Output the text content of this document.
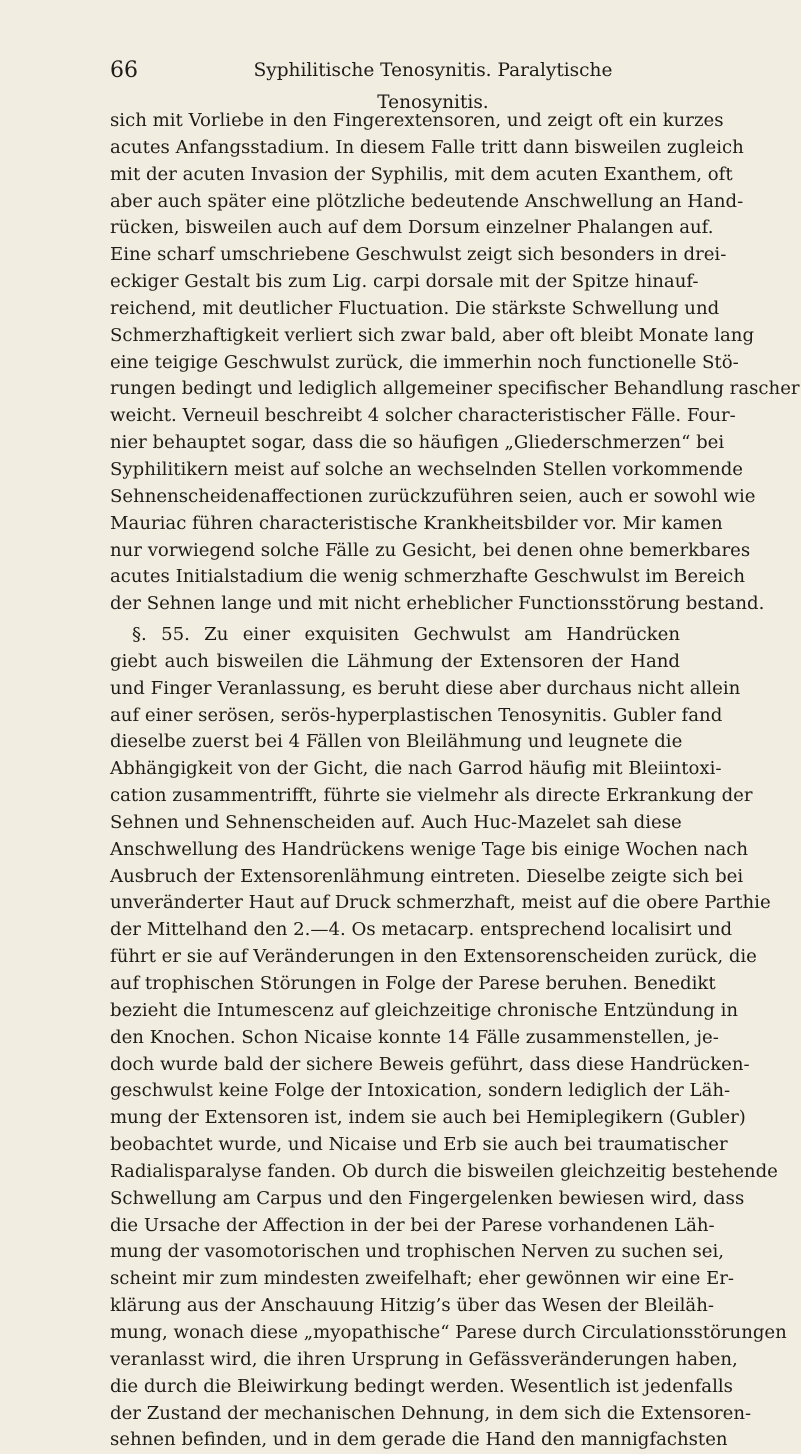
66	Syphilitische Tenosynitis. Paralytische Tenosynitis.
sich mit Vorliebe in den Fingerextensoren, und zeigt oft ein kurzes
acutes Anfangsstadium. In diesem Falle tritt dann bisweilen zugleich
mit der acuten Invasion der Syphilis, mit dem acuten Exanthem, oft
aber auch später eine plötzliche bedeutende Anschwellung an Hand-
rücken, bisweilen auch auf dem Dorsum einzelner Phalangen auf.
Eine scharf umschriebene Geschwulst zeigt sich besonders in drei-
eckiger Gestalt bis zum Lig. carpi dorsale mit der Spitze hinauf-
reichend, mit deutlicher Fluctuation. Die stärkste Schwellung und
Schmerzhaftigkeit verliert sich zwar bald, aber oft bleibt Monate lang
eine teigige Geschwulst zurück, die immerhin noch functionelle Stö-
rungen bedingt und lediglich allgemeiner specifischer Behandlung rascher
weicht. Verneuil beschreibt 4 solcher characteristischer Fälle. Four-
nier behauptet sogar, dass die so häufigen „Gliederschmerzen“ bei
Syphilitikern meist auf solche an wechselnden Stellen vorkommende
Sehnenscheidenaffectionen zurückzuführen seien, auch er sowohl wie
Mauriac führen characteristische Krankheitsbilder vor. Mir kamen
nur vorwiegend solche Fälle zu Gesicht, bei denen ohne bemerkbares
acutes Initialstadium die wenig schmerzhafte Geschwulst im Bereich
der Sehnen lange und mit nicht erheblicher Functionsstörung bestand.
§. 55. Zu einer exquisiten Gechwulst am Handrücken
giebt auch bisweilen die Lähmung der Extensoren der Hand
und Finger Veranlassung, es beruht diese aber durchaus nicht allein
auf einer serösen, serös-hyperplastischen Tenosynitis. Gubler fand
dieselbe zuerst bei 4 Fällen von Bleilähmung und leugnete die
Abhängigkeit von der Gicht, die nach Garrod häufig mit Bleiintoxi-
cation zusammentrifft, führte sie vielmehr als directe Erkrankung der
Sehnen und Sehnenscheiden auf. Auch Huc-Mazelet sah diese
Anschwellung des Handrückens wenige Tage bis einige Wochen nach
Ausbruch der Extensorenlähmung eintreten. Dieselbe zeigte sich bei
unveränderter Haut auf Druck schmerzhaft, meist auf die obere Parthie
der Mittelhand den 2.—4. Os metacarp. entsprechend localisirt und
führt er sie auf Veränderungen in den Extensorenscheiden zurück, die
auf trophischen Störungen in Folge der Parese beruhen. Benedikt
bezieht die Intumescenz auf gleichzeitige chronische Entzündung in
den Knochen. Schon Nicaise konnte 14 Fälle zusammenstellen, je-
doch wurde bald der sichere Beweis geführt, dass diese Handrücken-
geschwulst keine Folge der Intoxication, sondern lediglich der Läh-
mung der Extensoren ist, indem sie auch bei Hemiplegikern (Gubler)
beobachtet wurde, und Nicaise und Erb sie auch bei traumatischer
Radialisparalyse fanden. Ob durch die bisweilen gleichzeitig bestehende
Schwellung am Carpus und den Fingergelenken bewiesen wird, dass
die Ursache der Affection in der bei der Parese vorhandenen Läh-
mung der vasomotorischen und trophischen Nerven zu suchen sei,
scheint mir zum mindesten zweifelhaft; eher gewönnen wir eine Er-
klärung aus der Anschauung Hitzig’s über das Wesen der Bleiläh-
mung, wonach diese „myopathische“ Parese durch Circulationsstörungen
veranlasst wird, die ihren Ursprung in Gefässveränderungen haben,
die durch die Bleiwirkung bedingt werden. Wesentlich ist jedenfalls
der Zustand der mechanischen Dehnung, in dem sich die Extensoren-
sehnen befinden, und in dem gerade die Hand den mannigfachsten
